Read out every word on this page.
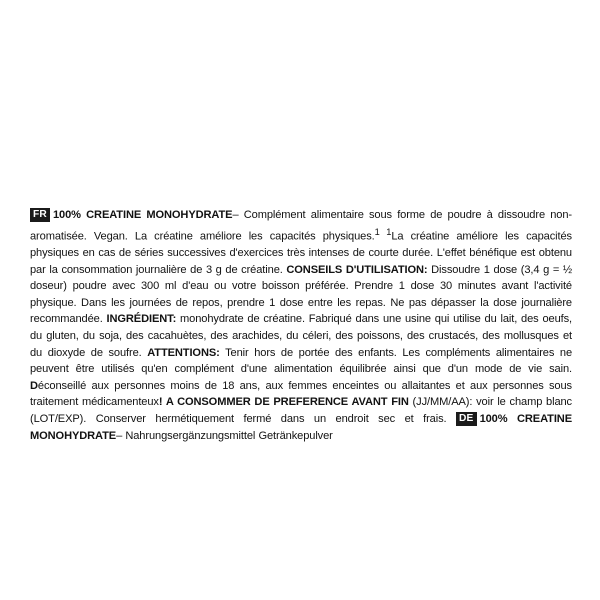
FR 100% CREATINE MONOHYDRATE– Complément alimentaire sous forme de poudre à dissoudre non-aromatisée. Vegan. La créatine améliore les capacités physiques.$^{1 1}$La créatine améliore les capacités physiques en cas de séries successives d'exercices très intenses de courte durée. L'effet bénéfique est obtenu par la consommation journalière de 3 g de créatine. CONSEILS D'UTILISATION: Dissoudre 1 dose (3,4 g = ½ doseur) poudre avec 300 ml d'eau ou votre boisson préférée. Prendre 1 dose 30 minutes avant l'activité physique. Dans les journées de repos, prendre 1 dose entre les repas. Ne pas dépasser la dose journalière recommandée. INGRÉDIENT: monohydrate de créatine. Fabriqué dans une usine qui utilise du lait, des oeufs, du gluten, du soja, des cacahuètes, des arachides, du céleri, des poissons, des crustacés, des mollusques et du dioxyde de soufre. ATTENTIONS: Tenir hors de portée des enfants. Les compléments alimentaires ne peuvent être utilisés qu'en complément d'une alimentation équilibrée ainsi que d'un mode de vie sain. Déconseillé aux personnes moins de 18 ans, aux femmes enceintes ou allaitantes et aux personnes sous traitement médicamenteux! A CONSOMMER DE PREFERENCE AVANT FIN (JJ/MM/AA): voir le champ blanc (LOT/EXP). Conserver hermétiquement fermé dans un endroit sec et frais. DE 100% CREATINE MONOHYDRATE– Nahrungsergänzungsmittel Getränkepulver
